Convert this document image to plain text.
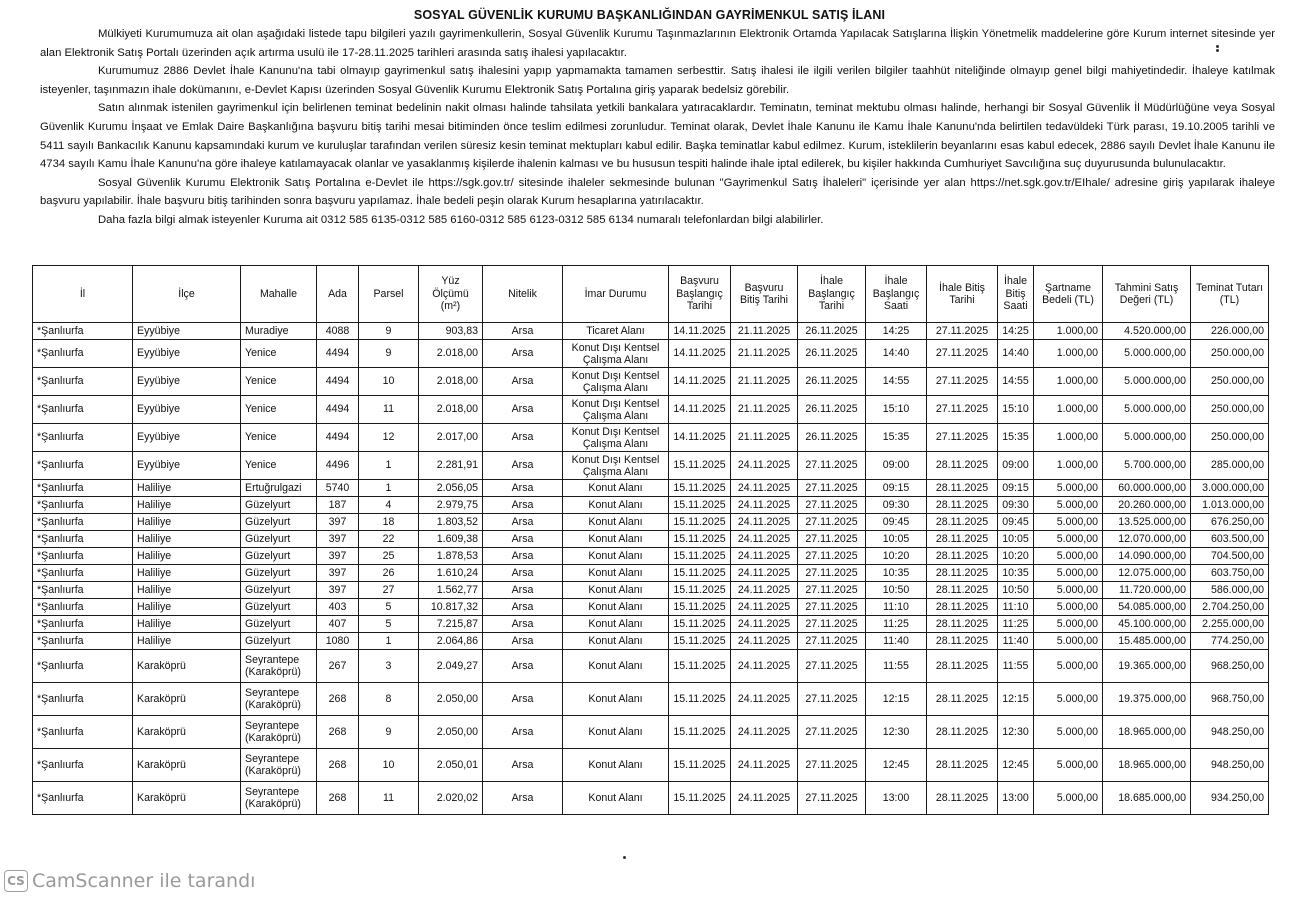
SOSYAL GÜVENLİK KURUMU BAŞKANLIĞINDAN GAYRİMENKUL SATIŞ İLANI

Mülkiyeti Kurumumuza ait olan aşağıdaki listede tapu bilgileri yazılı gayrimenkullerin, Sosyal Güvenlik Kurumu Taşınmazlarının Elektronik Ortamda Yapılacak Satışlarına İlişkin Yönetmelik maddelerine göre Kurum internet sitesinde yer alan Elektronik Satış Portalı üzerinden açık artırma usulü ile 17-28.11.2025 tarihleri arasında satış ihalesi yapılacaktır.

Kurumumuz 2886 Devlet İhale Kanunu'na tabi olmayıp gayrimenkul satış ihalesini yapıp yapmamakta tamamen serbesttir. Satış ihalesi ile ilgili verilen bilgiler taahhüt niteliğinde olmayıp genel bilgi mahiyetindedir. İhaleye katılmak isteyenler, taşınmazın ihale dokümanını, e-Devlet Kapısı üzerinden Sosyal Güvenlik Kurumu Elektronik Satış Portalına giriş yaparak bedelsiz görebilir.

Satın alınmak istenilen gayrimenkul için belirlenen teminat bedelinin nakit olması halinde tahsilata yetkili bankalara yatıracaklardır. Teminatın, teminat mektubu olması halinde, herhangi bir Sosyal Güvenlik İl Müdürlüğüne veya Sosyal Güvenlik Kurumu İnşaat ve Emlak Daire Başkanlığına başvuru bitiş tarihi mesai bitiminden önce teslim edilmesi zorunludur. Teminat olarak, Devlet İhale Kanunu ile Kamu İhale Kanunu'nda belirtilen tedavüldeki Türk parası, 19.10.2005 tarihli ve 5411 sayılı Bankacılık Kanunu kapsamındaki kurum ve kuruluşlar tarafından verilen süresiz kesin teminat mektupları kabul edilir. Başka teminatlar kabul edilmez. Kurum, isteklilerin beyanlarını esas kabul edecek, 2886 sayılı Devlet İhale Kanunu ile 4734 sayılı Kamu İhale Kanunu'na göre ihaleye katılamayacak olanlar ve yasaklanmış kişilerde ihalenin kalması ve bu hususun tespiti halinde ihale iptal edilerek, bu kişiler hakkında Cumhuriyet Savcılığına suç duyurusunda bulunulacaktır.

Sosyal Güvenlik Kurumu Elektronik Satış Portalına e-Devlet ile https://sgk.gov.tr/ sitesinde ihaleler sekmesinde bulunan "Gayrimenkul Satış İhaleleri" içerisinde yer alan https://net.sgk.gov.tr/EIhale/ adresine giriş yapılarak ihaleye başvuru yapılabilir. İhale başvuru bitiş tarihinden sonra başvuru yapılamaz. İhale bedeli peşin olarak Kurum hesaplarına yatırılacaktır.

Daha fazla bilgi almak isteyenler Kuruma ait 0312 585 6135-0312 585 6160-0312 585 6123-0312 585 6134 numaralı telefonlardan bilgi alabilirler.

İl	İlçe	Mahalle	Ada	Parsel	Yüz Ölçümü (m²)	Nitelik	İmar Durumu	Başvuru Başlangıç Tarihi	Başvuru Bitiş Tarihi	İhale Başlangıç Tarihi	İhale Başlangıç Saati	İhale Bitiş Tarihi	İhale Bitiş Saati	Şartname Bedeli (TL)	Tahmini Satış Değeri (TL)	Teminat Tutarı (TL)
*Şanlıurfa	Eyyübiye	Muradiye	4088	9	903,83	Arsa	Ticaret Alanı	14.11.2025	21.11.2025	26.11.2025	14:25	27.11.2025	14:25	1.000,00	4.520.000,00	226.000,00
*Şanlıurfa	Eyyübiye	Yenice	4494	9	2.018,00	Arsa	Konut Dışı Kentsel Çalışma Alanı	14.11.2025	21.11.2025	26.11.2025	14:40	27.11.2025	14:40	1.000,00	5.000.000,00	250.000,00
*Şanlıurfa	Eyyübiye	Yenice	4494	10	2.018,00	Arsa	Konut Dışı Kentsel Çalışma Alanı	14.11.2025	21.11.2025	26.11.2025	14:55	27.11.2025	14:55	1.000,00	5.000.000,00	250.000,00
*Şanlıurfa	Eyyübiye	Yenice	4494	11	2.018,00	Arsa	Konut Dışı Kentsel Çalışma Alanı	14.11.2025	21.11.2025	26.11.2025	15:10	27.11.2025	15:10	1.000,00	5.000.000,00	250.000,00
*Şanlıurfa	Eyyübiye	Yenice	4494	12	2.017,00	Arsa	Konut Dışı Kentsel Çalışma Alanı	14.11.2025	21.11.2025	26.11.2025	15:35	27.11.2025	15:35	1.000,00	5.000.000,00	250.000,00
*Şanlıurfa	Eyyübiye	Yenice	4496	1	2.281,91	Arsa	Konut Dışı Kentsel Çalışma Alanı	15.11.2025	24.11.2025	27.11.2025	09:00	28.11.2025	09:00	1.000,00	5.700.000,00	285.000,00
*Şanlıurfa	Haliliye	Ertuğrulgazi	5740	1	2.056,05	Arsa	Konut Alanı	15.11.2025	24.11.2025	27.11.2025	09:15	28.11.2025	09:15	5.000,00	60.000.000,00	3.000.000,00
*Şanlıurfa	Haliliye	Güzelyurt	187	4	2.979,75	Arsa	Konut Alanı	15.11.2025	24.11.2025	27.11.2025	09:30	28.11.2025	09:30	5.000,00	20.260.000,00	1.013.000,00
*Şanlıurfa	Haliliye	Güzelyurt	397	18	1.803,52	Arsa	Konut Alanı	15.11.2025	24.11.2025	27.11.2025	09:45	28.11.2025	09:45	5.000,00	13.525.000,00	676.250,00
*Şanlıurfa	Haliliye	Güzelyurt	397	22	1.609,38	Arsa	Konut Alanı	15.11.2025	24.11.2025	27.11.2025	10:05	28.11.2025	10:05	5.000,00	12.070.000,00	603.500,00
*Şanlıurfa	Haliliye	Güzelyurt	397	25	1.878,53	Arsa	Konut Alanı	15.11.2025	24.11.2025	27.11.2025	10:20	28.11.2025	10:20	5.000,00	14.090.000,00	704.500,00
*Şanlıurfa	Haliliye	Güzelyurt	397	26	1.610,24	Arsa	Konut Alanı	15.11.2025	24.11.2025	27.11.2025	10:35	28.11.2025	10:35	5.000,00	12.075.000,00	603.750,00
*Şanlıurfa	Haliliye	Güzelyurt	397	27	1.562,77	Arsa	Konut Alanı	15.11.2025	24.11.2025	27.11.2025	10:50	28.11.2025	10:50	5.000,00	11.720.000,00	586.000,00
*Şanlıurfa	Haliliye	Güzelyurt	403	5	10.817,32	Arsa	Konut Alanı	15.11.2025	24.11.2025	27.11.2025	11:10	28.11.2025	11:10	5.000,00	54.085.000,00	2.704.250,00
*Şanlıurfa	Haliliye	Güzelyurt	407	5	7.215,87	Arsa	Konut Alanı	15.11.2025	24.11.2025	27.11.2025	11:25	28.11.2025	11:25	5.000,00	45.100.000,00	2.255.000,00
*Şanlıurfa	Haliliye	Güzelyurt	1080	1	2.064,86	Arsa	Konut Alanı	15.11.2025	24.11.2025	27.11.2025	11:40	28.11.2025	11:40	5.000,00	15.485.000,00	774.250,00
*Şanlıurfa	Karaköprü	Seyrantepe (Karaköprü)	267	3	2.049,27	Arsa	Konut Alanı	15.11.2025	24.11.2025	27.11.2025	11:55	28.11.2025	11:55	5.000,00	19.365.000,00	968.250,00
*Şanlıurfa	Karaköprü	Seyrantepe (Karaköprü)	268	8	2.050,00	Arsa	Konut Alanı	15.11.2025	24.11.2025	27.11.2025	12:15	28.11.2025	12:15	5.000,00	19.375.000,00	968.750,00
*Şanlıurfa	Karaköprü	Seyrantepe (Karaköprü)	268	9	2.050,00	Arsa	Konut Alanı	15.11.2025	24.11.2025	27.11.2025	12:30	28.11.2025	12:30	5.000,00	18.965.000,00	948.250,00
*Şanlıurfa	Karaköprü	Seyrantepe (Karaköprü)	268	10	2.050,01	Arsa	Konut Alanı	15.11.2025	24.11.2025	27.11.2025	12:45	28.11.2025	12:45	5.000,00	18.965.000,00	948.250,00
*Şanlıurfa	Karaköprü	Seyrantepe (Karaköprü)	268	11	2.020,02	Arsa	Konut Alanı	15.11.2025	24.11.2025	27.11.2025	13:00	28.11.2025	13:00	5.000,00	18.685.000,00	934.250,00
CS CamScanner ile tarandı
